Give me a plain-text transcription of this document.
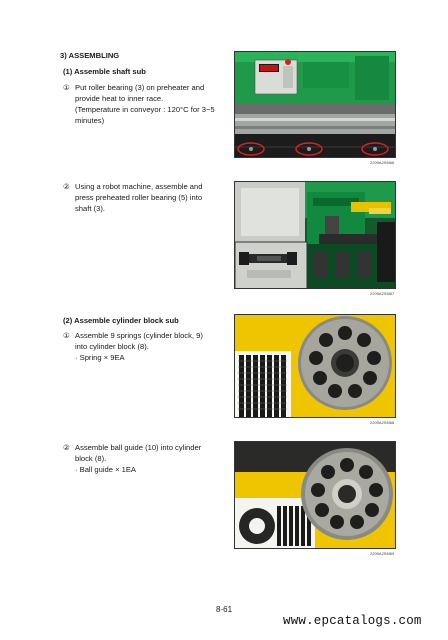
3) ASSEMBLING
(1) Assemble shaft sub
① Put roller bearing (3) on preheater and
provide heat to inner race.
(Temperature in conveyor : 120°C for 3~5
minutes)
2209A2SM66
② Using a robot machine, assemble and
press preheated roller bearing (5) into
shaft (3).
2209A2SM67
(2) Assemble cylinder block sub
① Assemble 9 springs (cylinder block, 9)
into cylinder block (8).
· Spring × 9EA
2209A2SM68
② Assemble ball guide (10) into cylinder
block (8).
· Ball guide × 1EA
2209A2SM69
8-61
www.epcatalogs.com
